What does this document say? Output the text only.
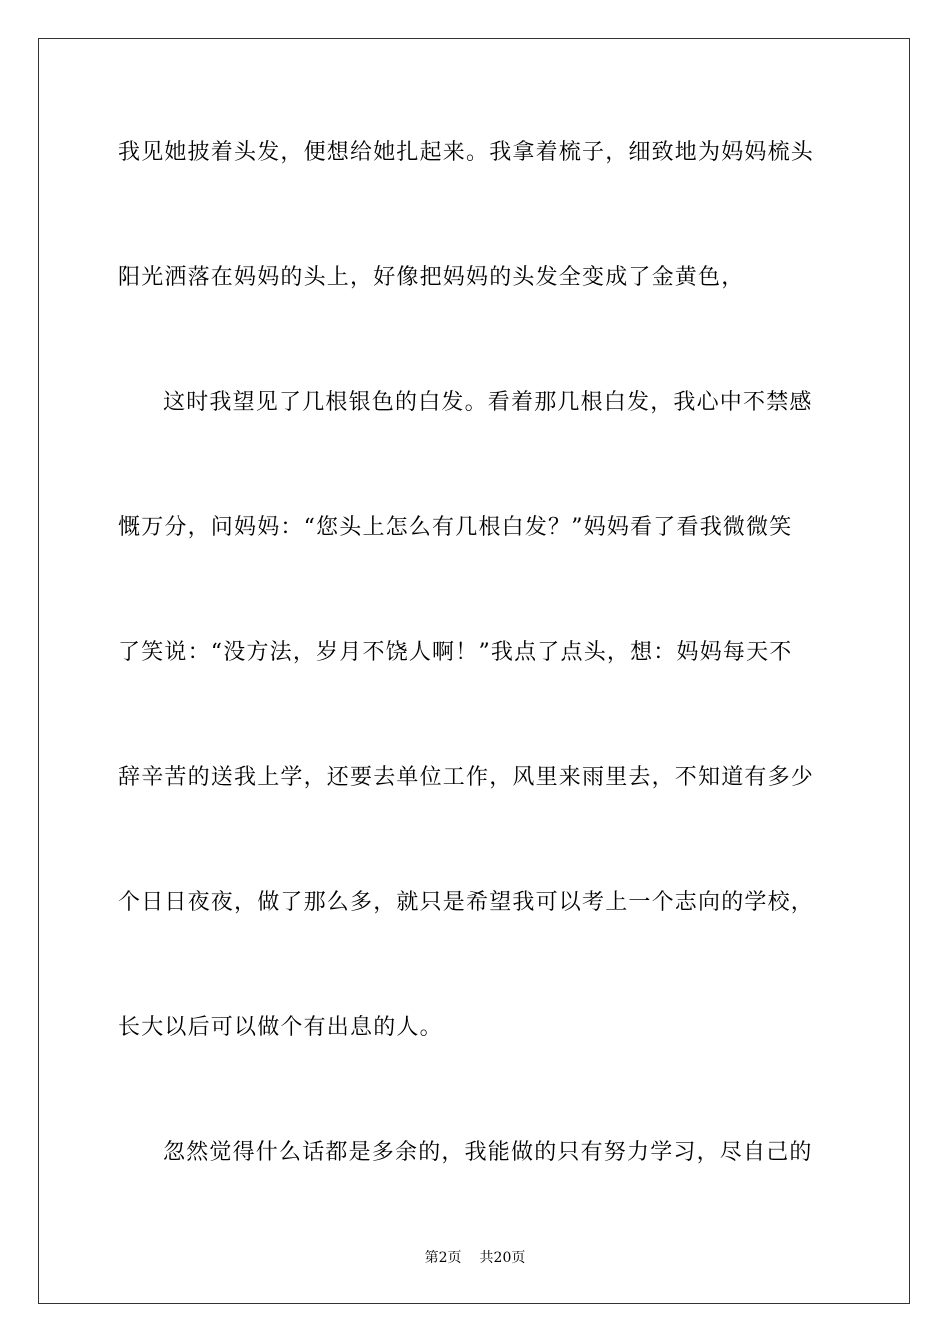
我见她披着头发，便想给她扎起来。我拿着梳子，细致地为妈妈梳头
阳光洒落在妈妈的头上，好像把妈妈的头发全变成了金黄色，
这时我望见了几根银色的白发。看着那几根白发，我心中不禁感
慨万分，问妈妈：“您头上怎么有几根白发？”妈妈看了看我微微笑
了笑说：“没方法，岁月不饶人啊！”我点了点头，想：妈妈每天不
辞辛苦的送我上学，还要去单位工作，风里来雨里去，不知道有多少
个日日夜夜，做了那么多，就只是希望我可以考上一个志向的学校，
长大以后可以做个有出息的人。
忽然觉得什么话都是多余的，我能做的只有努力学习，尽自己的
第2页 共20页
